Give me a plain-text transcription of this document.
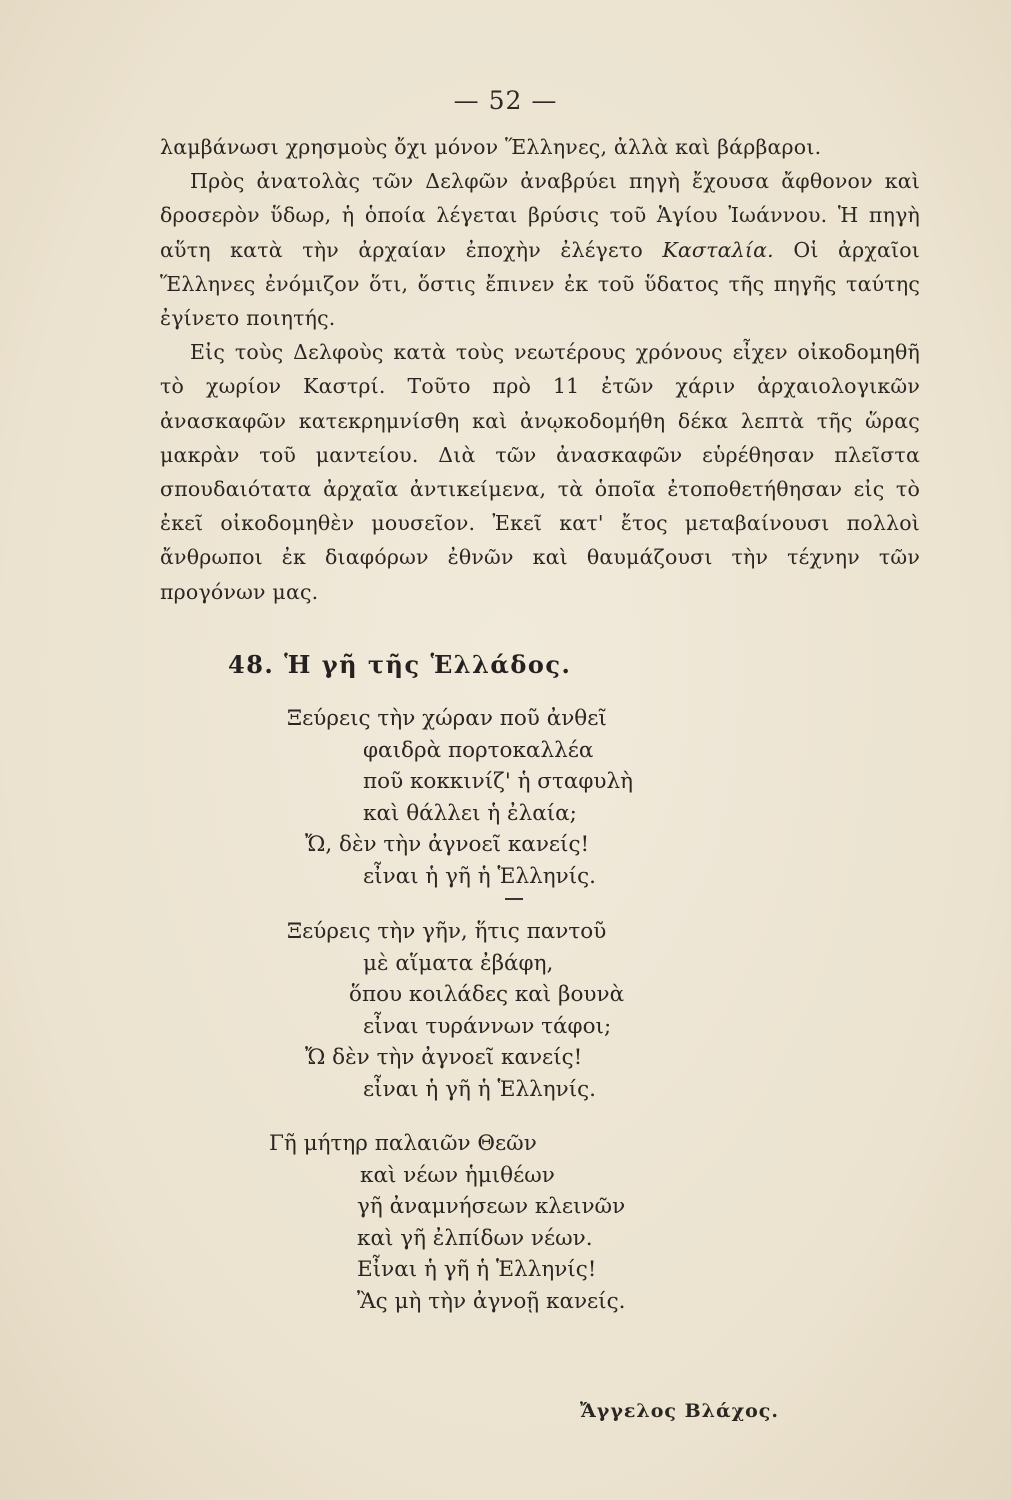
— 52 —

λαμβάνωσι χρησμοὺς ὄχι μόνον Ἕλληνες, ἀλλὰ καὶ βάρβαροι.

Πρὸς ἀνατολὰς τῶν Δελφῶν ἀναβρύει πηγὴ ἔχουσα ἄφθονον καὶ δροσερὸν ὕδωρ, ἡ ὁποία λέγεται βρύσις τοῦ Ἁγίου Ἰωάννου. Ἡ πηγὴ αὕτη κατὰ τὴν ἀρχαίαν ἐποχὴν ἐλέγετο Κασταλία. Οἱ ἀρχαῖοι Ἕλληνες ἐνόμιζον ὅτι, ὅστις ἔπινεν ἐκ τοῦ ὕδατος τῆς πηγῆς ταύτης ἐγίνετο ποιητής.

Εἰς τοὺς Δελφοὺς κατὰ τοὺς νεωτέρους χρόνους εἶχεν οἰκοδομηθῆ τὸ χωρίον Καστρί. Τοῦτο πρὸ 11 ἐτῶν χάριν ἀρχαιολογικῶν ἀνασκαφῶν κατεκρημνίσθη καὶ ἀνῳκοδομήθη δέκα λεπτὰ τῆς ὥρας μακρὰν τοῦ μαντείου. Διὰ τῶν ἀνασκαφῶν εὑρέθησαν πλεῖστα σπουδαιότατα ἀρχαῖα ἀντικείμενα, τὰ ὁποῖα ἐτοποθετήθησαν εἰς τὸ ἐκεῖ οἰκοδομηθὲν μουσεῖον. Ἐκεῖ κατ' ἔτος μεταβαίνουσι πολλοὶ ἄνθρωποι ἐκ διαφόρων ἐθνῶν καὶ θαυμάζουσι τὴν τέχνην τῶν προγόνων μας.

48. Ἡ γῆ τῆς Ἑλλάδος.
Ξεύρεις τὴν χώραν ποῦ ἀνθεῖ
φαιδρὰ πορτοκαλλέα
ποῦ κοκκινίζ' ἡ σταφυλὴ
καὶ θάλλει ἡ ἐλαία;
Ὤ, δὲν τὴν ἀγνοεῖ κανείς!
εἶναι ἡ γῆ ἡ Ἑλληνίς.
Ξεύρεις τὴν γῆν, ἥτις παντοῦ
μὲ αἵματα ἐβάφη,
ὅπου κοιλάδες καὶ βουνὰ
εἶναι τυράννων τάφοι;
Ὤ δὲν τὴν ἀγνοεῖ κανείς!
εἶναι ἡ γῆ ἡ Ἑλληνίς.
Γῆ μήτηρ παλαιῶν Θεῶν
καὶ νέων ἡμιθέων
γῆ ἀναμνήσεων κλεινῶν
καὶ γῆ ἐλπίδων νέων.
Εἶναι ἡ γῆ ἡ Ἑλληνίς!
Ἂς μὴ τὴν ἀγνοῇ κανείς.
Ἄγγελος Βλάχος.
